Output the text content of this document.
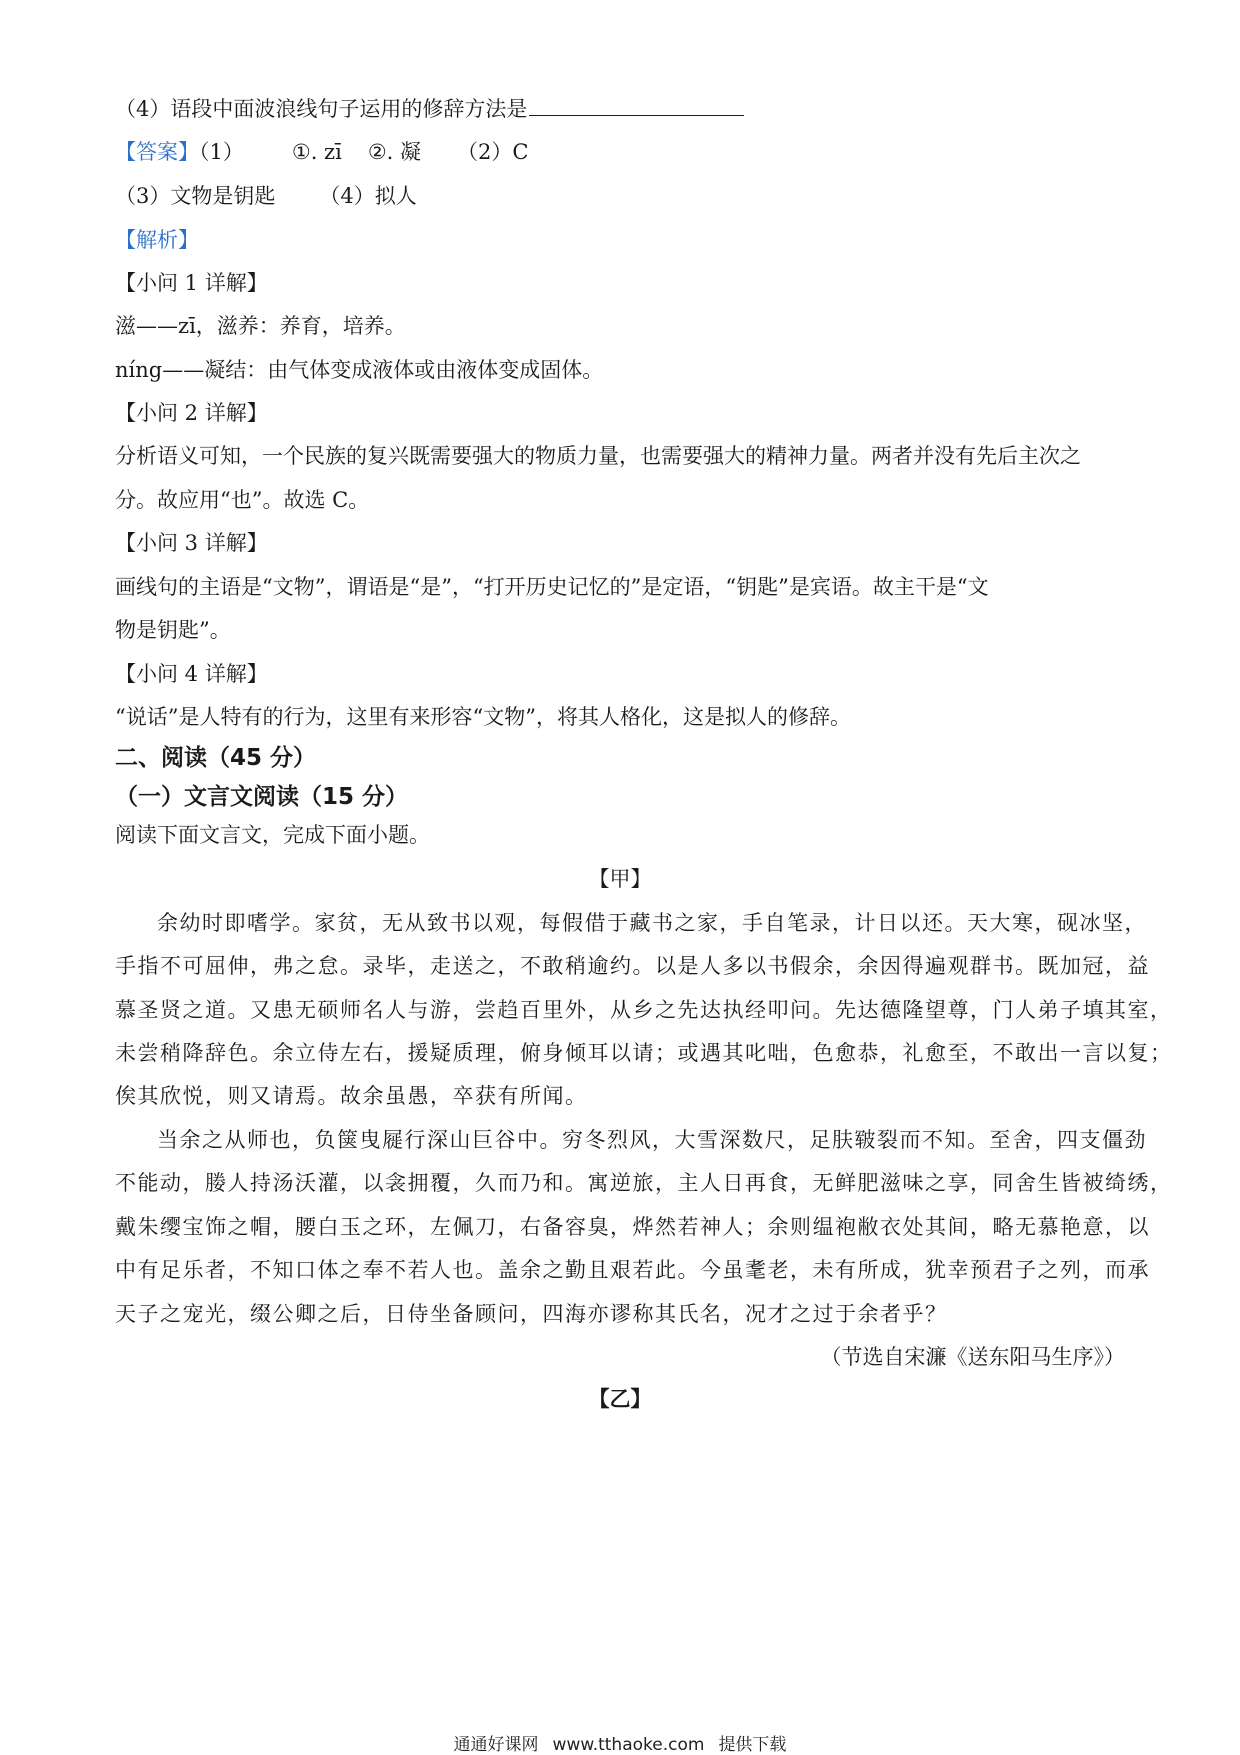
（4）语段中面波浪线句子运用的修辞方法是
【答案】（1） ①. zī ②. 凝 （2）C
（3）文物是钥匙 （4）拟人
【解析】
【小问 1 详解】
滋——zī，滋养：养育，培养。
níng——凝结：由气体变成液体或由液体变成固体。
【小问 2 详解】
分析语义可知，一个民族的复兴既需要强大的物质力量，也需要强大的精神力量。两者并没有先后主次之
分。故应用“也”。故选 C。
【小问 3 详解】
画线句的主语是“文物”，谓语是“是”，“打开历史记忆的”是定语，“钥匙”是宾语。故主干是“文
物是钥匙”。
【小问 4 详解】
“说话”是人特有的行为，这里有来形容“文物”，将其人格化，这是拟人的修辞。
二、阅读（45 分）
（一）文言文阅读（15 分）
阅读下面文言文，完成下面小题。
【甲】
余幼时即嗜学。家贫，无从致书以观，每假借于藏书之家，手自笔录，计日以还。天大寒，砚冰坚，
手指不可屈伸，弗之怠。录毕，走送之，不敢稍逾约。以是人多以书假余，余因得遍观群书。既加冠，益
慕圣贤之道。又患无硕师名人与游，尝趋百里外，从乡之先达执经叩问。先达德隆望尊，门人弟子填其室，
未尝稍降辞色。余立侍左右，援疑质理，俯身倾耳以请；或遇其叱咄，色愈恭，礼愈至，不敢出一言以复；
俟其欣悦，则又请焉。故余虽愚，卒获有所闻。
当余之从师也，负箧曳屣行深山巨谷中。穷冬烈风，大雪深数尺，足肤皲裂而不知。至舍，四支僵劲
不能动，媵人持汤沃灌，以衾拥覆，久而乃和。寓逆旅，主人日再食，无鲜肥滋味之享，同舍生皆被绮绣，
戴朱缨宝饰之帽，腰白玉之环，左佩刀，右备容臭，烨然若神人；余则缊袍敝衣处其间，略无慕艳意，以
中有足乐者，不知口体之奉不若人也。盖余之勤且艰若此。今虽耄老，未有所成，犹幸预君子之列，而承
天子之宠光，缀公卿之后，日侍坐备顾问，四海亦谬称其氏名，况才之过于余者乎？
（节选自宋濂《送东阳马生序》）
【乙】
通通好课网 www.tthaoke.com 提供下载
